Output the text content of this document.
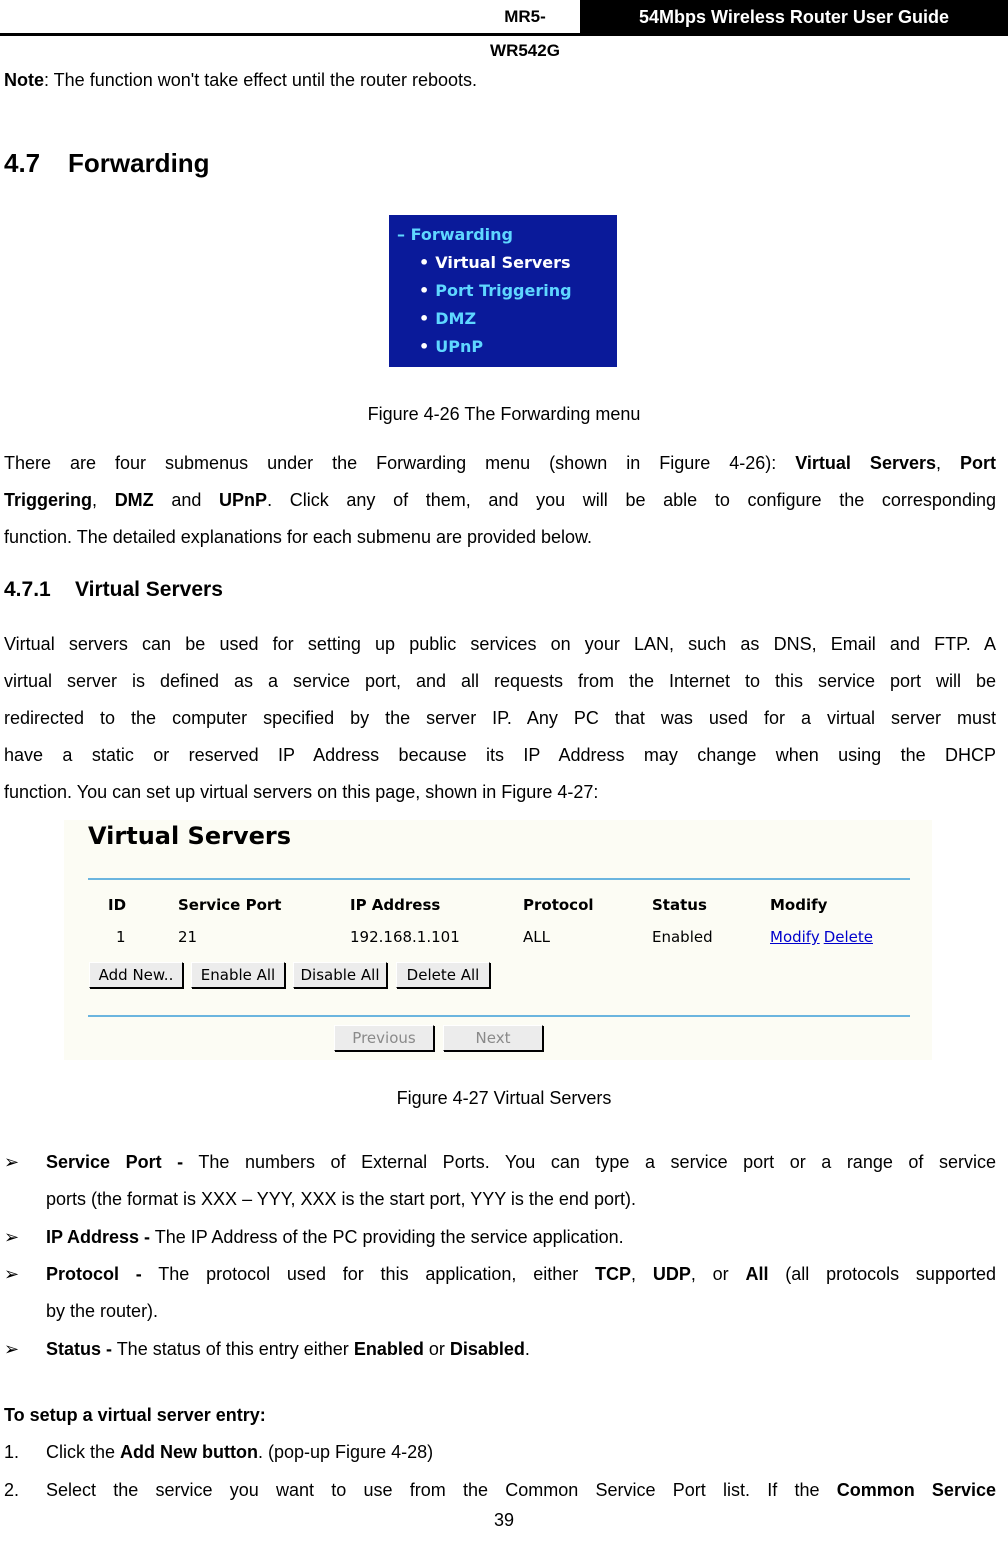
MR5-WR542G
54Mbps Wireless Router User Guide
Note: The function won't take effect until the router reboots.
4.7 Forwarding
– Forwarding
• Virtual Servers
• Port Triggering
• DMZ
• UPnP
Figure 4-26 The Forwarding menu
There are four submenus under the Forwarding menu (shown in Figure 4-26): Virtual Servers, Port
Triggering, DMZ and UPnP. Click any of them, and you will be able to configure the corresponding
function. The detailed explanations for each submenu are provided below.
4.7.1 Virtual Servers
Virtual servers can be used for setting up public services on your LAN, such as DNS, Email and FTP. A
virtual server is defined as a service port, and all requests from the Internet to this service port will be
redirected to the computer specified by the server IP. Any PC that was used for a virtual server must
have a static or reserved IP Address because its IP Address may change when using the DHCP
function. You can set up virtual servers on this page, shown in Figure 4-27:
Virtual Servers
ID	Service Port	IP Address	Protocol	Status	Modify
1	21	192.168.1.101	ALL	Enabled	Modify Delete
Add New..	Enable All	Disable All	Delete All
Previous	Next
Figure 4-27 Virtual Servers
➢ Service Port - The numbers of External Ports. You can type a service port or a range of service
ports (the format is XXX – YYY, XXX is the start port, YYY is the end port).
➢ IP Address - The IP Address of the PC providing the service application.
➢ Protocol - The protocol used for this application, either TCP, UDP, or All (all protocols supported
by the router).
➢ Status - The status of this entry either Enabled or Disabled.
To setup a virtual server entry:
1.	Click the Add New button. (pop-up Figure 4-28)
2.	Select the service you want to use from the Common Service Port list. If the Common Service
39
